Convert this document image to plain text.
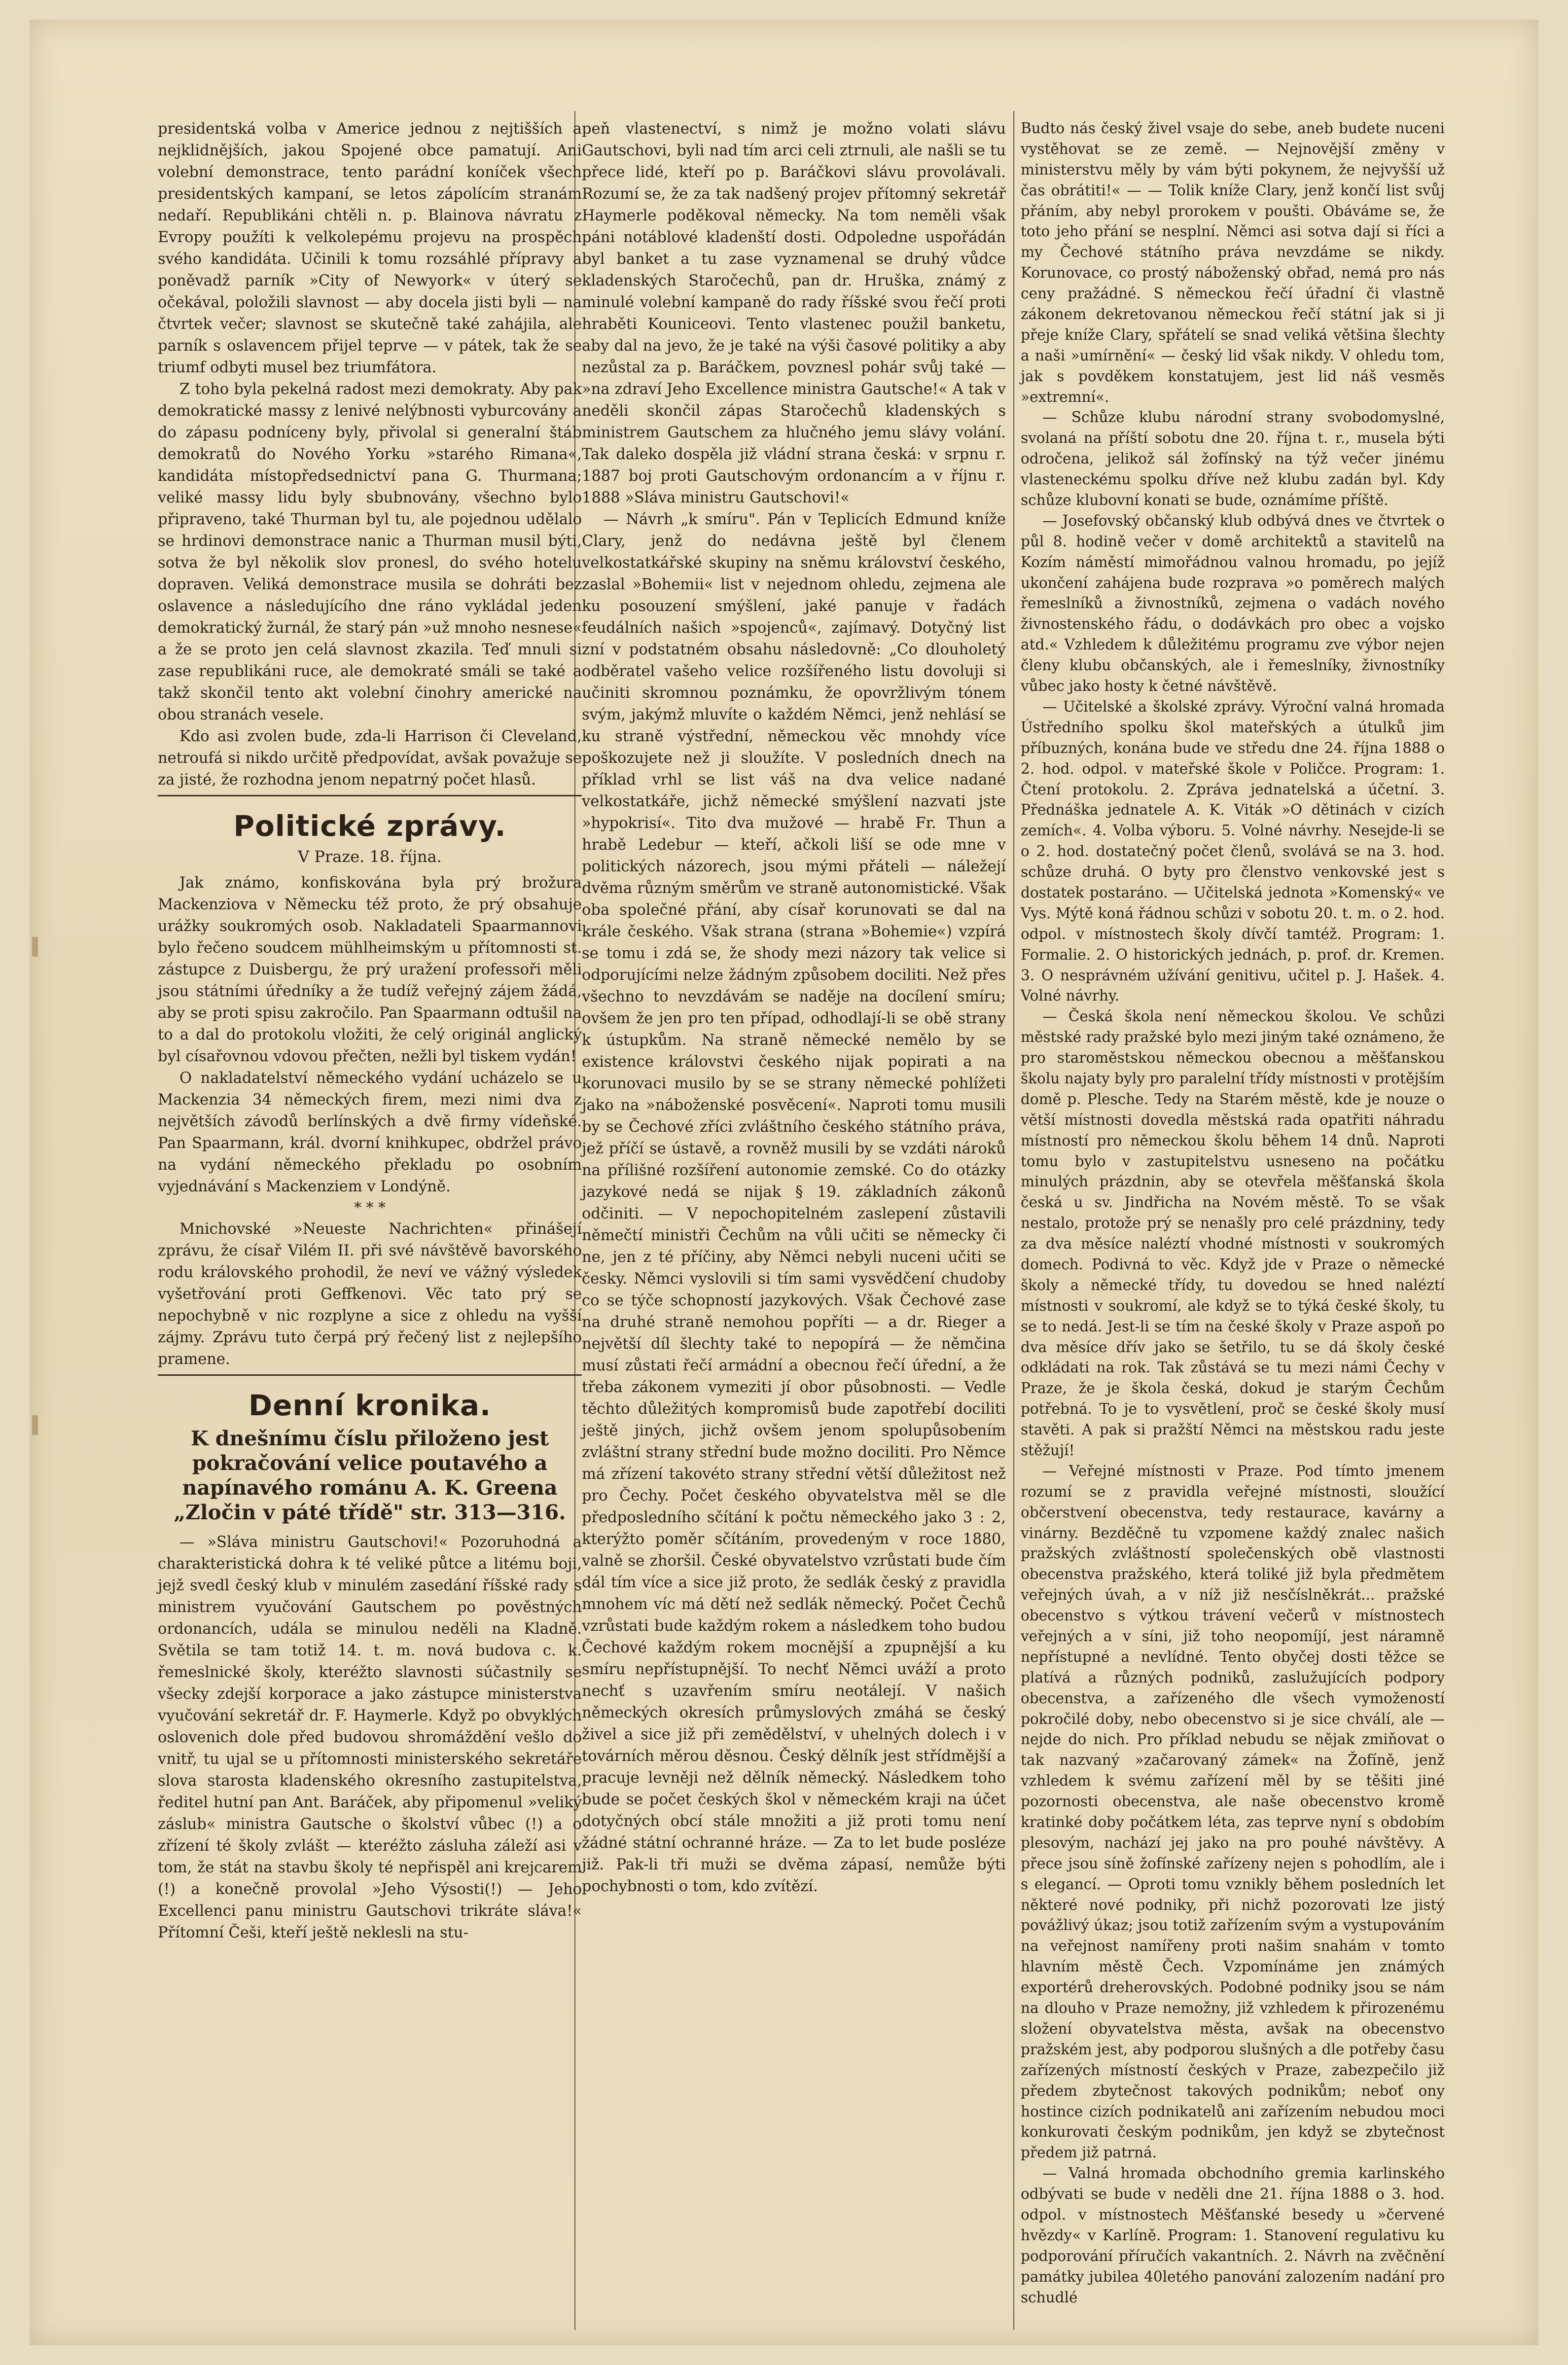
presidentská volba v Americe jednou z nejtišších a nejklidnějších, jakou Spojené obce pamatují. Ani volební demonstrace, tento parádní koníček všech presidentských kampaní, se letos zápolícím stranám nedaří. Republikáni chtěli n. p. Blainova návratu z Evropy použíti k velkolepému projevu na prospěch svého kandidáta. Učinili k tomu rozsáhlé přípravy a poněvadž parník »City of Newyork« v úterý se očekával, položili slavnost — aby docela jisti byli — na čtvrtek večer; slavnost se skutečně také zahájila, ale parník s oslavencem přijel teprve — v pátek, tak že se triumf odbyti musel bez triumfátora.

Z toho byla pekelná radost mezi demokraty. Aby pak demokratické massy z lenivé nelýbnosti vyburcovány a do zápasu podníceny byly, přivolal si generalní štáb demokratů do Nového Yorku »starého Rimana«, kandidáta místopředsednictví pana G. Thurmana; veliké massy lidu byly sbubnovány, všechno bylo připraveno, také Thurman byl tu, ale pojednou udělalo se hrdinovi demonstrace nanic a Thurman musil býti, sotva že byl několik slov pronesl, do svého hotelu dopraven. Veliká demonstrace musila se dohráti bez oslavence a následujícího dne ráno vykládal jeden demokratický žurnál, že starý pán »už mnoho nesnese« a že se proto jen celá slavnost zkazila. Teď mnuli si zase republikáni ruce, ale demokraté smáli se také a takž skončil tento akt volební činohry americké na obou stranách vesele.

Kdo asi zvolen bude, zda-li Harrison či Cleveland, netroufá si nikdo určitě předpovídat, avšak považuje se za jisté, že rozhodna jenom nepatrný počet hlasů.

Politické zprávy.
V Praze. 18. října.

Jak známo, konfiskována byla prý brožura Mackenziova v Německu též proto, že prý obsahuje urážky soukromých osob. Nakladateli Spaarmannovi bylo řečeno soudcem mühlheimským u přítomnosti st. zástupce z Duisbergu, že prý uražení professoři měli jsou státními úředníky a že tudíž veřejný zájem žádá, aby se proti spisu zakročilo. Pan Spaarmann odtušil na to a dal do protokolu vložiti, že celý originál anglický byl císařovnou vdovou přečten, nežli byl tiskem vydán!

O nakladatelství německého vydání ucházelo se u Mackenzia 34 německých firem, mezi nimi dva z největších závodů berlínských a dvě firmy vídeňské. Pan Spaarmann, král. dvorní knihkupec, obdržel právo na vydání německého překladu po osobním vyjednávání s Mackenziem v Londýně.

* * *

Mnichovské »Neueste Nachrichten« přinášejí zprávu, že císař Vilém II. při své návštěvě bavorského rodu královského prohodil, že neví ve vážný výsledek vyšetřování proti Geffkenovi. Věc tato prý se nepochybně v nic rozplyne a sice z ohledu na vyšší zájmy. Zprávu tuto čerpá prý řečený list z nejlepšího pramene.

Denní kronika.
K dnešnímu číslu přiloženo jest pokračování velice poutavého a napínavého románu A. K. Greena „Zločin v páté třídě" str. 313—316.

— »Sláva ministru Gautschovi!« Pozoruhodná a charakteristická dohra k té veliké půtce a litému boji, jejž svedl český klub v minulém zasedání říšské rady s ministrem vyučování Gautschem po pověstných ordonancích, udála se minulou neděli na Kladně. Světila se tam totiž 14. t. m. nová budova c. k. řemeslnické školy, kteréžto slavnosti súčastnily se všecky zdejší korporace a jako zástupce ministerstva vyučování sekretář dr. F. Haymerle. Když po obvyklých oslovenich dole před budovou shromáždění vešlo do vnitř, tu ujal se u přítomnosti ministerského sekretáře slova starosta kladenského okresního zastupitelstva, ředitel hutní pan Ant. Baráček, aby připomenul »veliký záslub« ministra Gautsche o školství vůbec (!) a o zřízení té školy zvlášt — kteréžto zásluha záleží asi v tom, že stát na stavbu školy té nepřispěl ani krejcarem (!) a konečně provolal »Jeho Výsosti(!) — Jeho Excellenci panu ministru Gautschovi trikráte sláva!« Přítomní Češi, kteří ještě neklesli na stu-

peň vlastenectví, s nimž je možno volati slávu Gautschovi, byli nad tím arci celi ztrnuli, ale našli se tu přece lidé, kteří po p. Baráčkovi slávu provolávali. Rozumí se, že za tak nadšený projev přítomný sekretář Haymerle poděkoval německy. Na tom neměli však páni notáblové kladenští dosti. Odpoledne uspořádán byl banket a tu zase vyznamenal se druhý vůdce kladenských Staročechů, pan dr. Hruška, známý z minulé volební kampaně do rady říšské svou řečí proti hraběti Kouniceovi. Tento vlastenec použil banketu, aby dal na jevo, že je také na výši časové politiky a aby nezůstal za p. Baráčkem, povznesl pohár svůj také — »na zdraví Jeho Excellence ministra Gautsche!« A tak v neděli skončil zápas Staročechů kladenských s ministrem Gautschem za hlučného jemu slávy volání. Tak daleko dospěla již vládní strana česká: v srpnu r. 1887 boj proti Gautschovým ordonancím a v říjnu r. 1888 »Sláva ministru Gautschovi!«

— Návrh „k smíru". Pán v Teplicích Edmund kníže Clary, jenž do nedávna ještě byl členem velkostatkářské skupiny na sněmu království českého, zaslal »Bohemii« list v nejednom ohledu, zejmena ale ku posouzení smýšlení, jaké panuje v řadách feudálních našich »spojenců«, zajímavý. Dotyčný list zní v podstatném obsahu následovně: „Co dlouholetý odběratel vašeho velice rozšířeného listu dovoluji si učiniti skromnou poznámku, že opovržlivým tónem svým, jakýmž mluvíte o každém Němci, jenž nehlásí se ku straně výstřední, německou věc mnohdy více poškozujete než ji sloužíte. V posledních dnech na příklad vrhl se list váš na dva velice nadané velkostatkáře, jichž německé smýšlení nazvati jste »hypokrisí«. Tito dva mužové — hrabě Fr. Thun a hrabě Ledebur — kteří, ačkoli liší se ode mne v politických názorech, jsou mými přáteli — náležejí dvěma různým směrům ve straně autonomistické. Však oba společné přání, aby císař korunovati se dal na krále českého. Však strana (strana »Bohemie«) vzpírá se tomu i zdá se, že shody mezi názory tak velice si odporujícími nelze žádným způsobem dociliti. Než přes všechno to nevzdávám se naděje na docílení smíru; ovšem že jen pro ten případ, odhodlají-li se obě strany k ústupkům. Na straně německé nemělo by se existence královstvi českého nijak popirati a na korunovaci musilo by se se strany německé pohlížeti jako na »náboženské posvěcení«. Naproti tomu musili by se Čechové zříci zvláštního českého státního práva, jež příčí se ústavě, a rovněž musili by se vzdáti nároků na přílišné rozšíření autonomie zemské. Co do otázky jazykové nedá se nijak § 19. základních zákonů odčiniti. — V nepochopitelném zaslepení zůstavili němečtí ministři Čechům na vůli učiti se německy či ne, jen z té příčiny, aby Němci nebyli nuceni učiti se česky. Němci vyslovili si tím sami vysvědčení chudoby co se týče schopností jazykových. Však Čechové zase na druhé straně nemohou popříti — a dr. Rieger a největší díl šlechty také to nepopírá — že němčina musí zůstati řečí armádní a obecnou řečí úřední, a že třeba zákonem vymeziti jí obor působnosti. — Vedle těchto důležitých kompromisů bude zapotřebí dociliti ještě jiných, jichž ovšem jenom spolupůsobením zvláštní strany střední bude možno dociliti. Pro Němce má zřízení takovéto strany střední větší důležitost než pro Čechy. Počet českého obyvatelstva měl se dle předposledního sčítání k počtu německého jako 3 : 2, kterýžto poměr sčítáním, provedeným v roce 1880, valně se zhoršil. České obyvatelstvo vzrůstati bude čím dál tím více a sice již proto, že sedlák český z pravidla mnohem víc má dětí než sedlák německý. Počet Čechů vzrůstati bude každým rokem a následkem toho budou Čechové každým rokem mocnější a zpupnější a ku smíru nepřístupnější. To nechť Němci uváží a proto nechť s uzavřením smíru neotálejí. V našich německých okresích průmyslových zmáhá se český živel a sice již při zemědělství, v uhelných dolech i v továrních měrou děsnou. Český dělník jest střídmější a pracuje levněji než dělník německý. Následkem toho bude se počet českých škol v německém kraji na účet dotyčných obcí stále množiti a již proti tomu není žádné státní ochranné hráze. — Za to let bude posléze již. Pak-li tři muži se dvěma zápasí, nemůže býti pochybnosti o tom, kdo zvítězí.

Budto nás český živel vsaje do sebe, aneb budete nuceni vystěhovat se ze země. — Nejnovější změny v ministerstvu měly by vám býti pokynem, že nejvyšší už čas obrátiti!« — — Tolik kníže Clary, jenž končí list svůj přáním, aby nebyl prorokem v poušti. Obáváme se, že toto jeho přání se nesplní. Němci asi sotva dají si říci a my Čechové státního práva nevzdáme se nikdy. Korunovace, co prostý náboženský obřad, nemá pro nás ceny pražádné. S německou řečí úřadní či vlastně zákonem dekretovanou německou řečí státní jak si ji přeje kníže Clary, spřátelí se snad veliká většina šlechty a naši »umírnění« — český lid však nikdy. V ohledu tom, jak s povděkem konstatujem, jest lid náš vesměs »extremní«.

— Schůze klubu národní strany svobodomyslné, svolaná na příští sobotu dne 20. října t. r., musela býti odročena, jelikož sál žofínský na týž večer jinému vlasteneckému spolku dříve než klubu zadán byl. Kdy schůze klubovní konati se bude, oznámíme příště.

— Josefovský občanský klub odbývá dnes ve čtvrtek o půl 8. hodině večer v domě architektů a stavitelů na Kozím náměstí mimořádnou valnou hromadu, po jejíž ukončení zahájena bude rozprava »o poměrech malých řemeslníků a živnostníků, zejmena o vadách nového živnostenského řádu, o dodávkách pro obec a vojsko atd.« Vzhledem k důležitému programu zve výbor nejen členy klubu občanských, ale i řemeslníky, živnostníky vůbec jako hosty k četné návštěvě.

— Učitelské a školské zprávy. Výroční valná hromada Ústředního spolku škol mateřských a útulků jim příbuzných, konána bude ve středu dne 24. října 1888 o 2. hod. odpol. v mateřské škole v Poličce. Program: 1. Čtení protokolu. 2. Zpráva jednatelská a účetní. 3. Přednáška jednatele A. K. Viták »O dětinách v cizích zemích«. 4. Volba výboru. 5. Volné návrhy. Nesejde-li se o 2. hod. dostatečný počet členů, svolává se na 3. hod. schůze druhá. O byty pro členstvo venkovské jest s dostatek postaráno. — Učitelská jednota »Komenský« ve Vys. Mýtě koná řádnou schůzi v sobotu 20. t. m. o 2. hod. odpol. v místnostech školy dívčí tamtéž. Program: 1. Formalie. 2. O historických jednách, p. prof. dr. Kremen. 3. O nesprávném užívání genitivu, učitel p. J. Hašek. 4. Volné návrhy.

— Česká škola není německou školou. Ve schůzi městské rady pražské bylo mezi jiným také oznámeno, že pro staroměstskou německou obecnou a měšťanskou školu najaty byly pro paralelní třídy místnosti v protějším domě p. Plesche. Tedy na Starém městě, kde je nouze o větší místnosti dovedla městská rada opatřiti náhradu místností pro německou školu během 14 dnů. Naproti tomu bylo v zastupitelstvu usneseno na počátku minulých prázdnin, aby se otevřela měšťanská škola česká u sv. Jindřicha na Novém městě. To se však nestalo, protože prý se nenašly pro celé prázdniny, tedy za dva měsíce naléztí vhodné místnosti v soukromých domech. Podivná to věc. Když jde v Praze o německé školy a německé třídy, tu dovedou se hned naléztí místnosti v soukromí, ale když se to týká české školy, tu se to nedá. Jest-li se tím na české školy v Praze aspoň po dva měsíce dřív jako se šetřilo, tu se dá školy české odkládati na rok. Tak zůstává se tu mezi námi Čechy v Praze, že je škola česká, dokud je starým Čechům potřebná. To je to vysvětlení, proč se české školy musí stavěti. A pak si pražští Němci na městskou radu jeste stěžují!

— Veřejné místnosti v Praze. Pod tímto jmenem rozumí se z pravidla veřejné místnosti, sloužící občerstvení obecenstva, tedy restaurace, kavárny a vinárny. Bezděčně tu vzpomene každý znalec našich pražských zvláštností společenských obě vlastnosti obecenstva pražského, která toliké již byla předmětem veřejných úvah, a v níž již nesčíslněkrát... pražské obecenstvo s výtkou trávení večerů v místnostech veřejných a v síni, již toho neopomíjí, jest náramně nepřístupné a nevlídné. Tento obyčej dosti těžce se platívá a různých podniků, zaslužujících podpory obecenstva, a zařízeného dle všech vymožeností pokročilé doby, nebo obecenstvo si je sice chválí, ale — nejde do nich. Pro příklad nebudu se nějak zmiňovat o tak nazvaný »začarovaný zámek« na Žofíně, jenž vzhledem k svému zařízení měl by se těšiti jiné pozornosti obecenstva, ale naše obecenstvo kromě kratinké doby počátkem léta, zas teprve nyní s obdobím plesovým, nachází jej jako na pro pouhé návštěvy. A přece jsou síně žofínské zařízeny nejen s pohodlím, ale i s elegancí. — Oproti tomu vznikly během posledních let některé nové podniky, při nichž pozorovati lze jistý povážlivý úkaz; jsou totiž zařízením svým a vystupováním na veřejnost namířeny proti našim snahám v tomto hlavním městě Čech. Vzpomínáme jen známých exportérů dreherovských. Podobné podniky jsou se nám na dlouho v Praze nemožny, již vzhledem k přirozenému složení obyvatelstva města, avšak na obecenstvo pražském jest, aby podporou slušných a dle potřeby času zařízených místností českých v Praze, zabezpečilo již předem zbytečnost takových podnikům; neboť ony hostince cizích podnikatelů ani zařízením nebudou moci konkurovati českým podnikům, jen když se zbytečnost předem již patrná.

— Valná hromada obchodního gremia karlinského odbývati se bude v neděli dne 21. října 1888 o 3. hod. odpol. v místnostech Měšťanské besedy u »červené hvězdy« v Karlíně. Program: 1. Stanovení regulativu ku podporování příručích vakantních. 2. Návrh na zvěčnění památky jubilea 40letého panování zalozením nadání pro schudlé
